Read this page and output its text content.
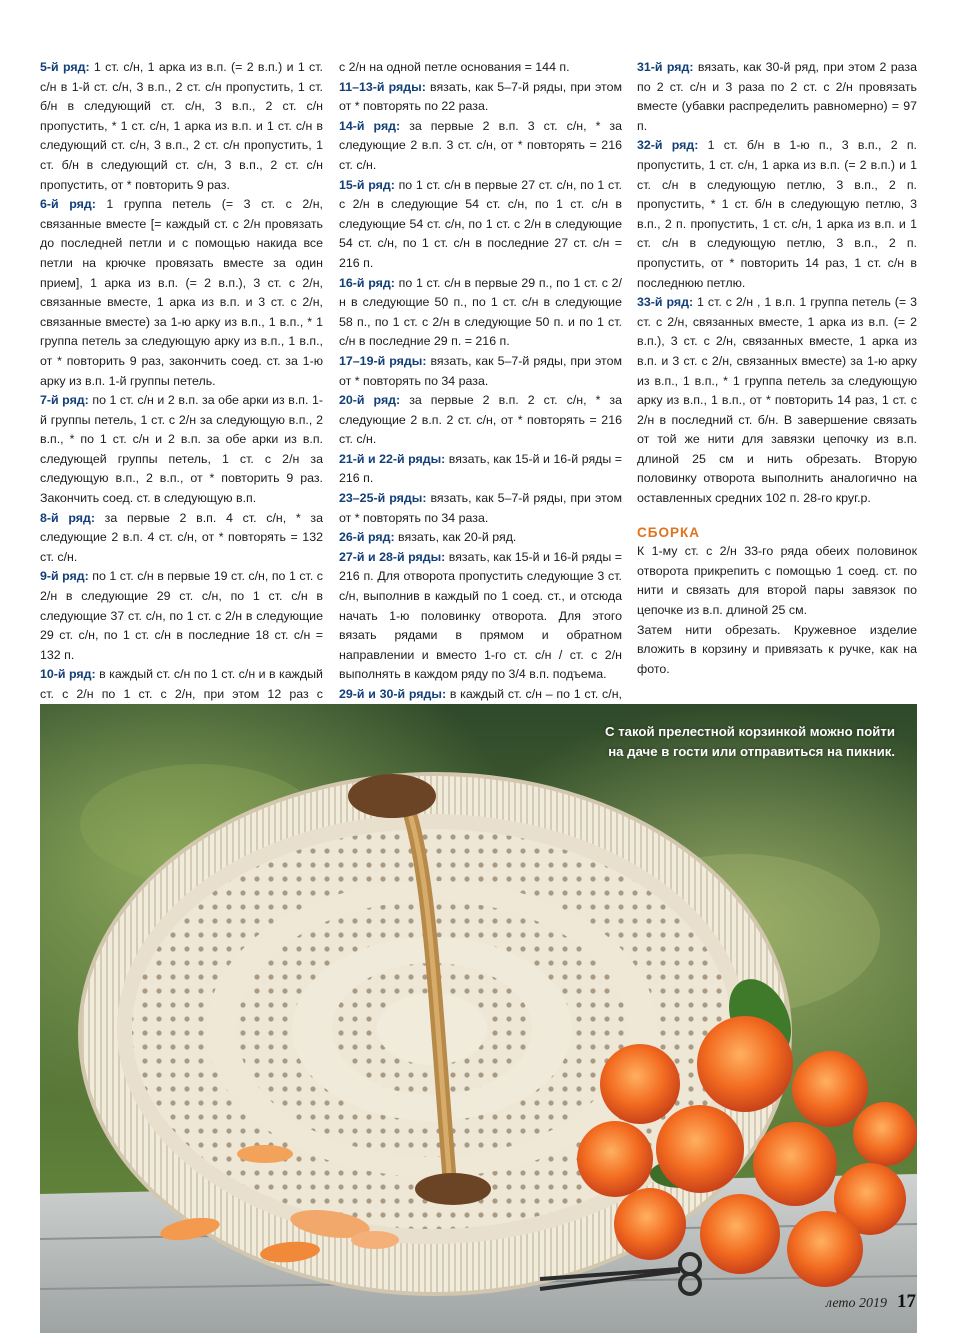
5-й ряд: 1 ст. с/н, 1 арка из в.п. (= 2 в.п.) и 1 ст. с/н в 1-й ст. с/н, 3 в.п., 2 ст. с/н пропустить, 1 ст. б/н в следующий ст. с/н, 3 в.п., 2 ст. с/н пропустить, * 1 ст. с/н, 1 арка из в.п. и 1 ст. с/н в следующий ст. с/н, 3 в.п., 2 ст. с/н пропустить, 1 ст. б/н в следующий ст. с/н, 3 в.п., 2 ст. с/н пропустить, от * повторить 9 раз.

6-й ряд: 1 группа петель (= 3 ст. с 2/н, связанные вместе [= каждый ст. с 2/н провязать до последней петли и с помощью накида все петли на крючке провязать вместе за один прием], 1 арка из в.п. (= 2 в.п.), 3 ст. с 2/н, связанные вместе, 1 арка из в.п. и 3 ст. с 2/н, связанные вместе) за 1-ю арку из в.п., 1 в.п., * 1 группа петель за следующую арку из в.п., 1 в.п., от * повторить 9 раз, закончить соед. ст. за 1-ю арку из в.п. 1-й группы петель.

7-й ряд: по 1 ст. с/н и 2 в.п. за обе арки из в.п. 1-й группы петель, 1 ст. с 2/н за следующую в.п., 2 в.п., * по 1 ст. с/н и 2 в.п. за обе арки из в.п. следующей группы петель, 1 ст. с 2/н за следующую в.п., 2 в.п., от * повторить 9 раз. Закончить соед. ст. в следующую в.п.

8-й ряд: за первые 2 в.п. 4 ст. с/н, * за следующие 2 в.п. 4 ст. с/н, от * повторять = 132 ст. с/н.

9-й ряд: по 1 ст. с/н в первые 19 ст. с/н, по 1 ст. с 2/н в следующие 29 ст. с/н, по 1 ст. с/н в следующие 37 ст. с/н, по 1 ст. с 2/н в следующие 29 ст. с/н, по 1 ст. с/н в последние 18 ст. с/н = 132 п.

10-й ряд: в каждый ст. с/н по 1 ст. с/н и в каждый ст. с 2/н по 1 ст. с 2/н, при этом 12 раз с

с 2/н на одной петле основания = 144 п.

11–13-й ряды: вязать, как 5–7-й ряды, при этом от * повторять по 22 раза.

14-й ряд: за первые 2 в.п. 3 ст. с/н, * за следующие 2 в.п. 3 ст. с/н, от * повторять = 216 ст. с/н.

15-й ряд: по 1 ст. с/н в первые 27 ст. с/н, по 1 ст. с 2/н в следующие 54 ст. с/н, по 1 ст. с/н в следующие 54 ст. с/н, по 1 ст. с 2/н в следующие 54 ст. с/н, по 1 ст. с/н в последние 27 ст. с/н = 216 п.

16-й ряд: по 1 ст. с/н в первые 29 п., по 1 ст. с 2/н в следующие 50 п., по 1 ст. с/н в следующие 58 п., по 1 ст. с 2/н в следующие 50 п. и по 1 ст. с/н в последние 29 п. = 216 п.

17–19-й ряды: вязать, как 5–7-й ряды, при этом от * повторять по 34 раза.

20-й ряд: за первые 2 в.п. 2 ст. с/н, * за следующие 2 в.п. 2 ст. с/н, от * повторять = 216 ст. с/н.

21-й и 22-й ряды: вязать, как 15-й и 16-й ряды = 216 п.

23–25-й ряды: вязать, как 5–7-й ряды, при этом от * повторять по 34 раза.

26-й ряд: вязать, как 20-й ряд.

27-й и 28-й ряды: вязать, как 15-й и 16-й ряды = 216 п. Для отворота пропустить следующие 3 ст. с/н, выполнив в каждый по 1 соед. ст., и отсюда начать 1-ю половинку отворота. Для этого вязать рядами в прямом и обратном направлении и вместо 1-го ст. с/н / ст. с 2/н выполнять в каждом ряду по 3/4 в.п. подъема.

29-й и 30-й ряды: в каждый ст. с/н – по 1 ст. с/н,

31-й ряд: вязать, как 30-й ряд, при этом 2 раза по 2 ст. с/н и 3 раза по 2 ст. с 2/н провязать вместе (убавки распределить равномерно) = 97 п.

32-й ряд: 1 ст. б/н в 1-ю п., 3 в.п., 2 п. пропустить, 1 ст. с/н, 1 арка из в.п. (= 2 в.п.) и 1 ст. с/н в следующую петлю, 3 в.п., 2 п. пропустить, * 1 ст. б/н в следующую петлю, 3 в.п., 2 п. пропустить, 1 ст. с/н, 1 арка из в.п. и 1 ст. с/н в следующую петлю, 3 в.п., 2 п. пропустить, от * повторить 14 раз, 1 ст. с/н в последнюю петлю.

33-й ряд: 1 ст. с 2/н , 1 в.п. 1 группа петель (= 3 ст. с 2/н, связанных вместе, 1 арка из в.п. (= 2 в.п.), 3 ст. с 2/н, связанных вместе, 1 арка из в.п. и 3 ст. с 2/н, связанных вместе) за 1-ю арку из в.п., 1 в.п., * 1 группа петель за следующую арку из в.п., 1 в.п., от * повторить 14 раз, 1 ст. с 2/н в последний ст. б/н. В завершение связать от той же нити для завязки цепочку из в.п. длиной 25 см и нить обрезать. Вторую половинку отворота выполнить аналогично на оставленных средних 102 п. 28-го круг.р.

СБОРКА

К 1-му ст. с 2/н 33-го ряда обеих половинок отворота прикрепить с помощью 1 соед. ст. по нити и связать для второй пары завязок по цепочке из в.п. длиной 25 см.

Затем нити обрезать. Кружевное изделие вложить в корзину и привязать к ручке, как на фото.

С такой прелестной корзинкой можно пойти на даче в гости или отправиться на пикник.
лето 2019 17
